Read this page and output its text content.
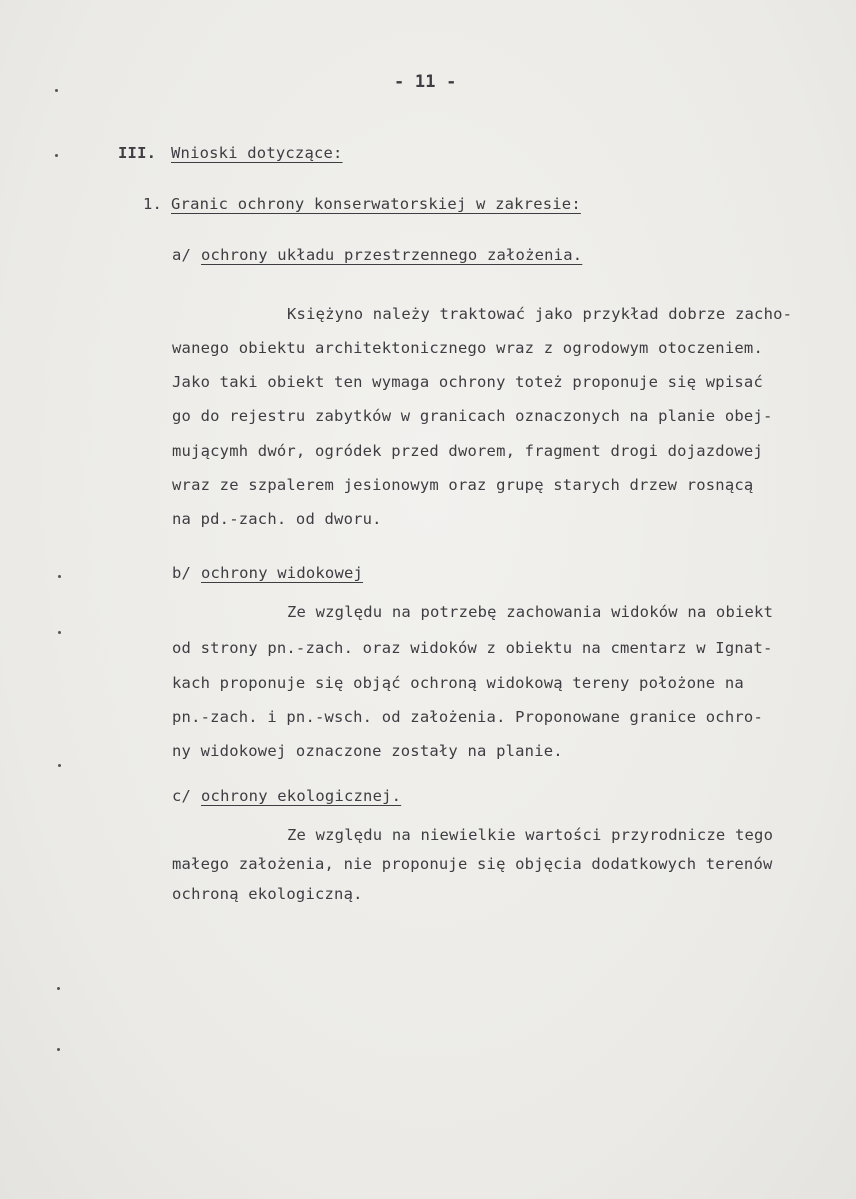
- 11 -
III. Wnioski dotyczące:
1. Granic ochrony konserwatorskiej w zakresie:
a/ ochrony układu przestrzennego założenia.
Księżyno należy traktować jako przykład dobrze zacho-
wanego obiektu architektonicznego wraz z ogrodowym otoczeniem.
Jako taki obiekt ten wymaga ochrony toteż proponuje się wpisać
go do rejestru zabytków w granicach oznaczonych na planie obej-
mującymh dwór, ogródek przed dworem, fragment drogi dojazdowej
wraz ze szpalerem jesionowym oraz grupę starych drzew rosnącą
na pd.-zach. od dworu.
b/ ochrony widokowej
Ze względu na potrzebę zachowania widoków na obiekt
od strony pn.-zach. oraz widoków z obiektu na cmentarz w Ignat-
kach proponuje się objąć ochroną widokową tereny położone na
pn.-zach. i pn.-wsch. od założenia. Proponowane granice ochro-
ny widokowej oznaczone zostały na planie.
c/ ochrony ekologicznej.
Ze względu na niewielkie wartości przyrodnicze tego
małego założenia, nie proponuje się objęcia dodatkowych terenów
ochroną ekologiczną.
